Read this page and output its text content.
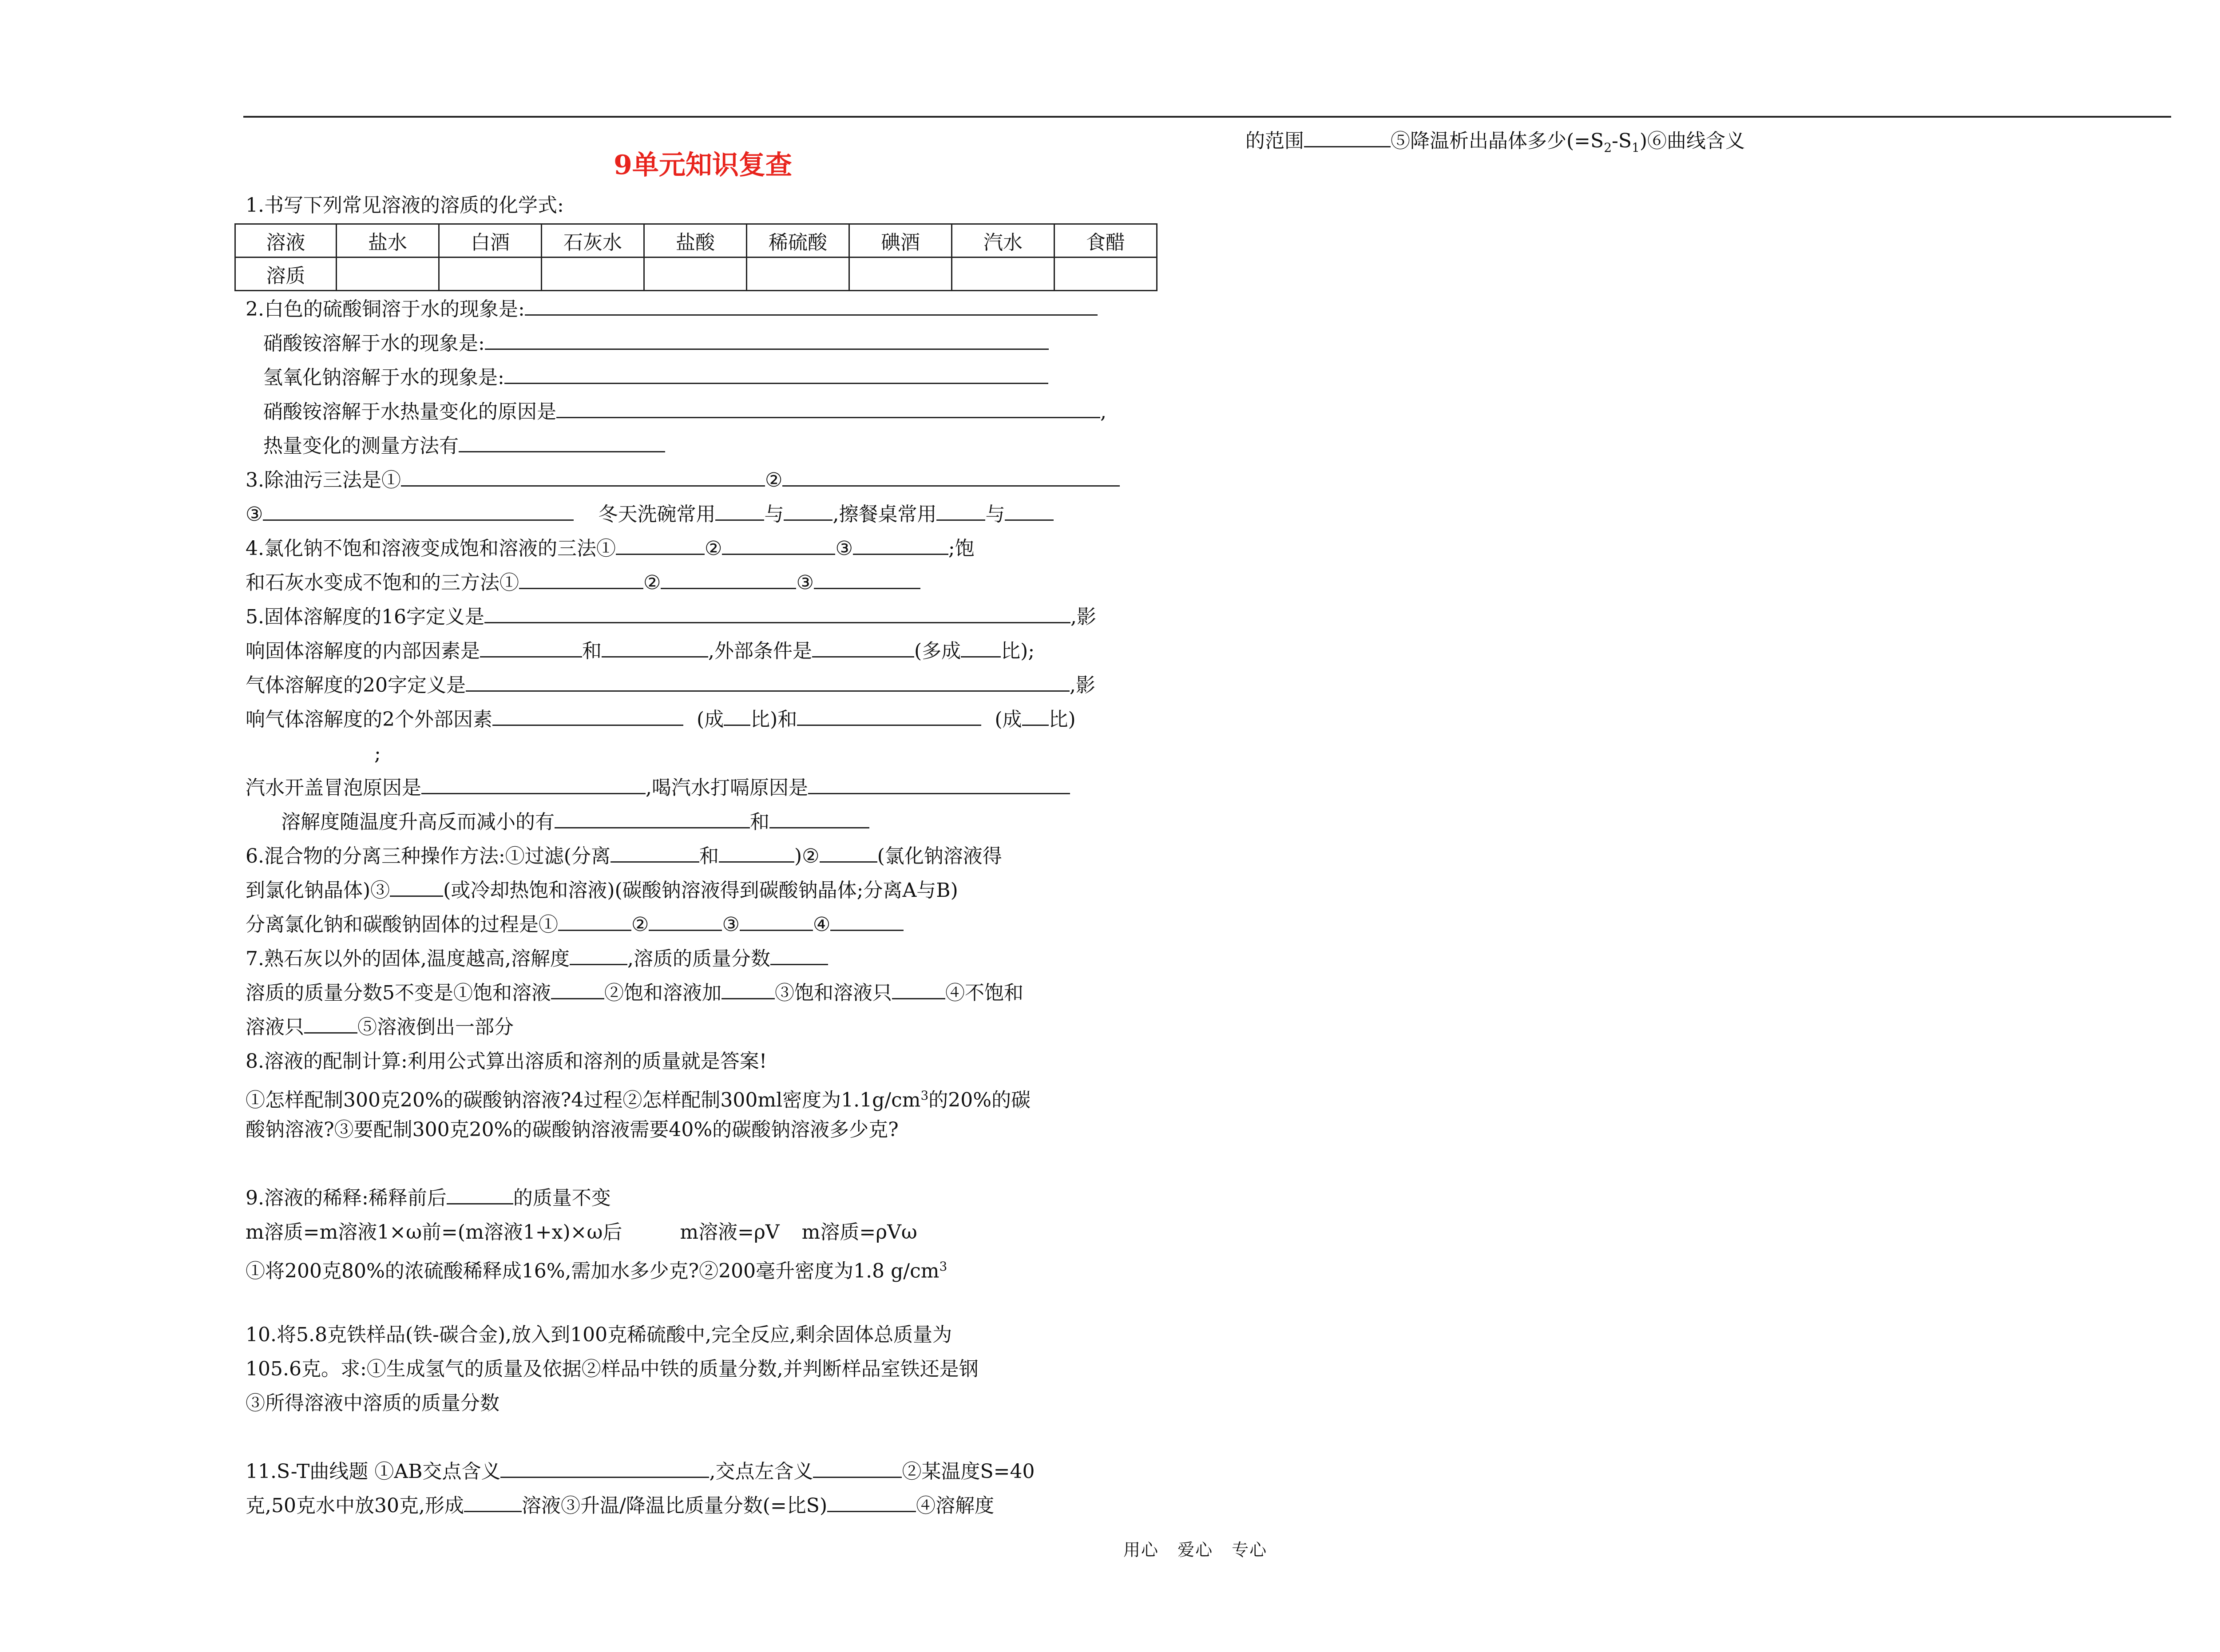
9单元知识复查
1.书写下列常见溶液的溶质的化学式:
溶液	盐水	白酒	石灰水	盐酸	稀硫酸	碘酒	汽水	食醋
溶质								
2.白色的硫酸铜溶于水的现象是:
硝酸铵溶解于水的现象是:
氢氧化钠溶解于水的现象是:
硝酸铵溶解于水热量变化的原因是	,
热量变化的测量方法有
3.除油污三法是①	②
③	冬天洗碗常用	与	,擦餐桌常用	与
4.氯化钠不饱和溶液变成饱和溶液的三法①	②	③	;饱
和石灰水变成不饱和的三方法①	②	③
5.固体溶解度的16字定义是	,影
响固体溶解度的内部因素是	和	,外部条件是	(多成 比);
气体溶解度的20字定义是	,影
响气体溶解度的2个外部因素	(成 比)和	(成 比)
;
汽水开盖冒泡原因是	,喝汽水打嗝原因是
溶解度随温度升高反而减小的有	和
6.混合物的分离三种操作方法:①过滤(分离	和	)②	(氯化钠溶液得
到氯化钠晶体)③	(或冷却热饱和溶液)(碳酸钠溶液得到碳酸钠晶体;分离A与B)
分离氯化钠和碳酸钠固体的过程是①	②	③	④
7.熟石灰以外的固体,温度越高,溶解度	,溶质的质量分数
溶质的质量分数5不变是①饱和溶液	②饱和溶液加	③饱和溶液只	④不饱和
溶液只	⑤溶液倒出一部分
8.溶液的配制计算:利用公式算出溶质和溶剂的质量就是答案!
①怎样配制300克20%的碳酸钠溶液?4过程②怎样配制300ml密度为$1.1g/cm^3$的20%的碳
酸钠溶液?③要配制300克20%的碳酸钠溶液需要40%的碳酸钠溶液多少克?
9.溶液的稀释:稀释前后	的质量不变
m溶质=m溶液1×ω前=(m溶液1+x)×ω后	m溶液=ρV m溶质=ρVω
①将200克80%的浓硫酸稀释成16%,需加水多少克?②200毫升密度为1.8 $g/cm^3$
10.将5.8克铁样品(铁-碳合金),放入到100克稀硫酸中,完全反应,剩余固体总质量为
105.6克。求:①生成氢气的质量及依据②样品中铁的质量分数,并判断样品室铁还是钢
③所得溶液中溶质的质量分数
11.S-T曲线题 ①AB交点含义	,交点左含义	②某温度S=40
克,50克水中放30克,形成	溶液③升温/降温比质量分数(=比S)	④溶解度
的范围	⑤降温析出晶体多少$(=S_2-S_1)⑥$曲线含义
用心 爱心 专心
